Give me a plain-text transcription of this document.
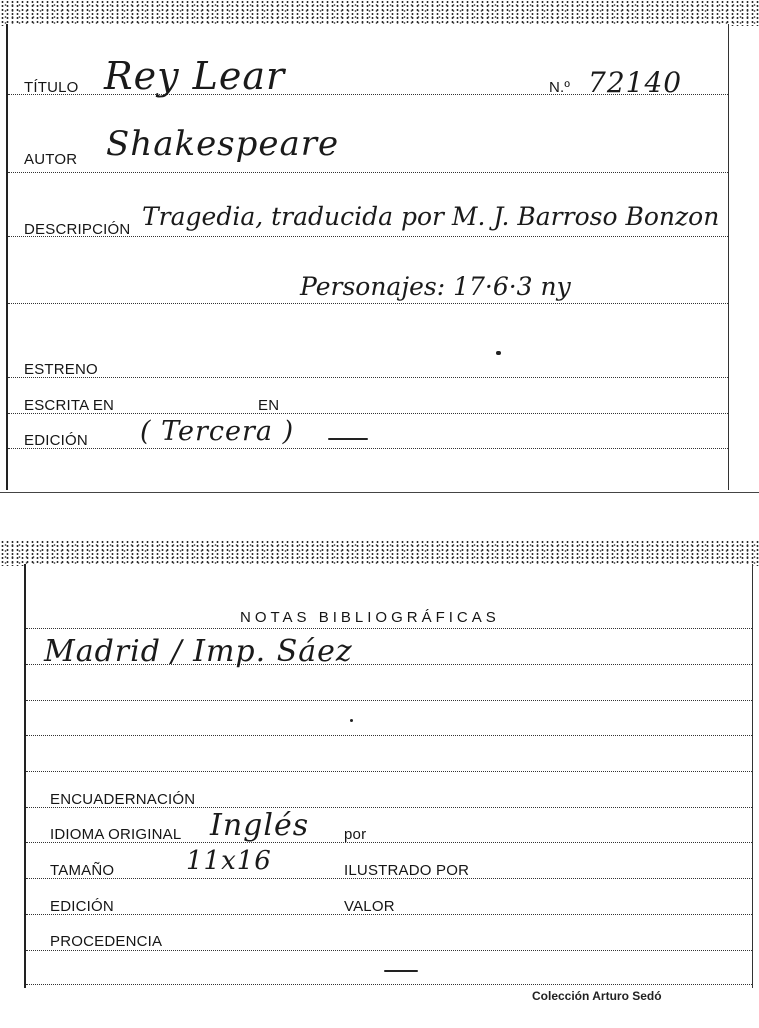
TÍTULO Rey Lear	N.º 72140
AUTOR Shakespeare
DESCRIPCIÓN Tragedia, traducida por M. J. Barroso Bonzon
Personajes: 17·6·3 ny
ESTRENO
ESCRITA EN	EN
EDICIÓN ( Tercera )
NOTAS BIBLIOGRÁFICAS
Madrid / Imp. Sáez
ENCUADERNACIÓN
IDIOMA ORIGINAL Inglés por
TAMAÑO	11x16	ILUSTRADO POR
EDICIÓN	VALOR
PROCEDENCIA
Colección Arturo Sedó
